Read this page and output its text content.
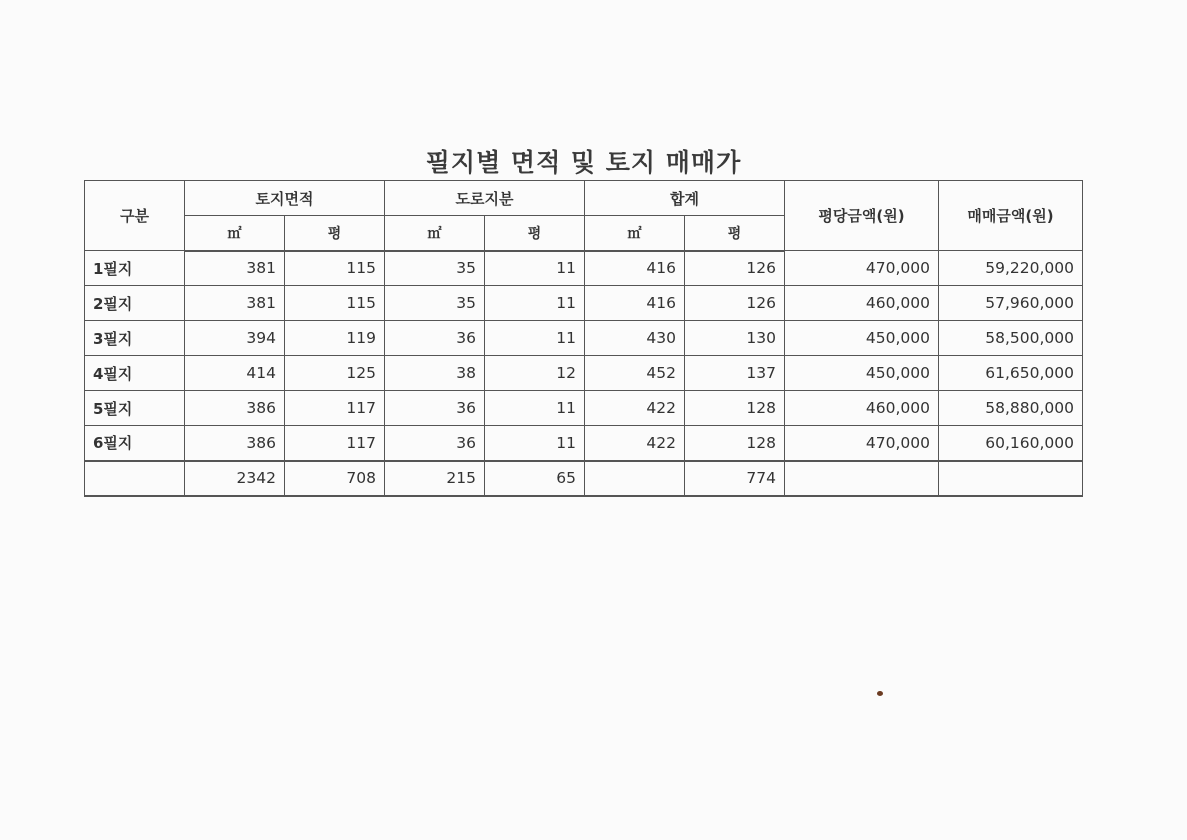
필지별 면적 및 토지 매매가
구분	토지면적		도로지분		합계		평당금액(원)	매매금액(원)
	㎡	평	㎡	평	㎡	평		
1필지	381	115	35	11	416	126	470,000	59,220,000
2필지	381	115	35	11	416	126	460,000	57,960,000
3필지	394	119	36	11	430	130	450,000	58,500,000
4필지	414	125	38	12	452	137	450,000	61,650,000
5필지	386	117	36	11	422	128	460,000	58,880,000
6필지	386	117	36	11	422	128	470,000	60,160,000
	2342	708	215	65		774		
